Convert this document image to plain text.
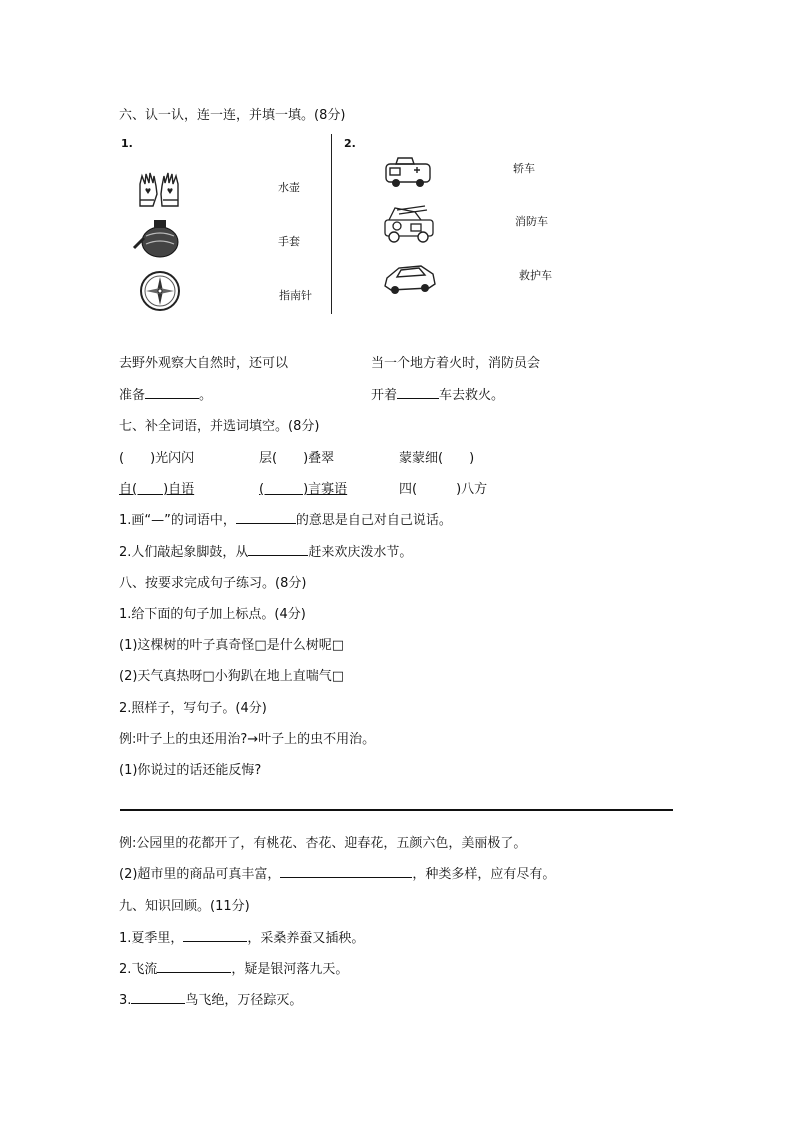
六、认一认，连一连，并填一填。(8分)
1.	2.
水壶
手套
指南针
轿车
消防车
救护车
去野外观察大自然时，还可以
准备	。
当一个地方着火时，消防员会
开着	车去救火。
七、补全词语，并选词填空。(8分)
(　　)光闪闪	层(　　)叠翠	蒙蒙细(　　)
自(　　)自语	(　　　)言寡语	四(　　　)八方
1.画“—”的词语中，	的意思是自己对自己说话。
2.人们敲起象脚鼓，从	赶来欢庆泼水节。
八、按要求完成句子练习。(8分)
1.给下面的句子加上标点。(4分)
(1)这棵树的叶子真奇怪□是什么树呢□
(2)天气真热呀□小狗趴在地上直喘气□
2.照样子，写句子。(4分)
例:叶子上的虫还用治?→叶子上的虫不用治。
(1)你说过的话还能反悔?
例:公园里的花都开了，有桃花、杏花、迎春花，五颜六色，美丽极了。
(2)超市里的商品可真丰富，	，种类多样，应有尽有。
九、知识回顾。(11分)
1.夏季里，	，采桑养蚕又插秧。
2.飞流	，疑是银河落九天。
3.	鸟飞绝，万径踪灭。
